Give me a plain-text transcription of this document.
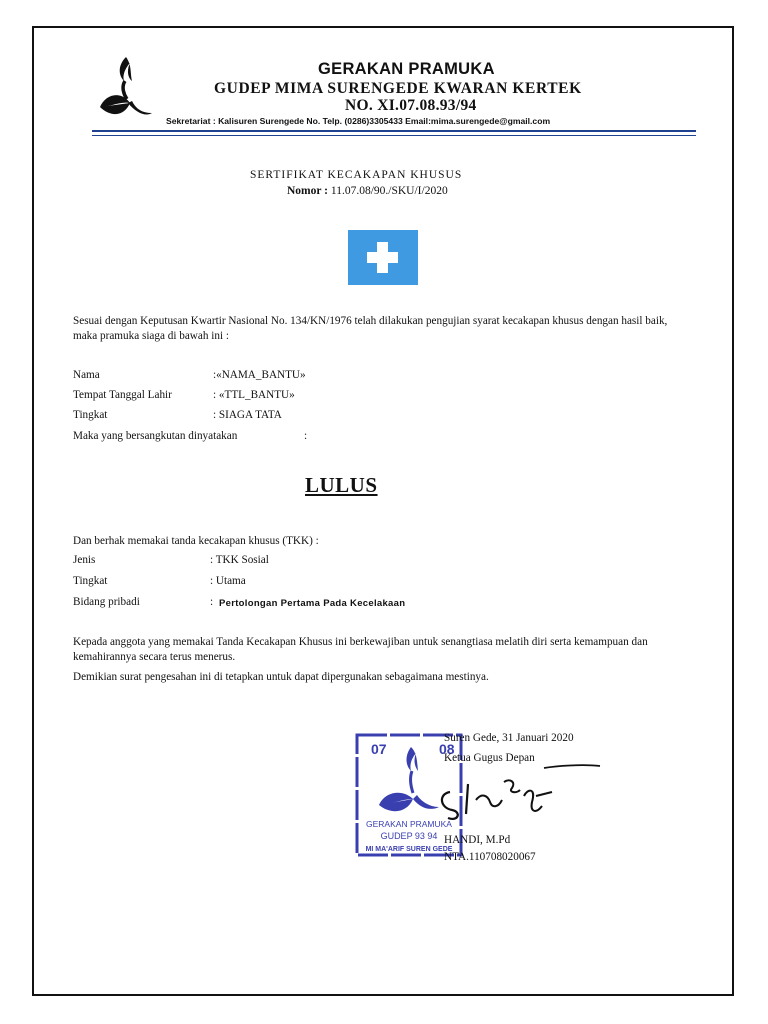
GERAKAN PRAMUKA
GUDEP MIMA SURENGEDE KWARAN KERTEK
NO. XI.07.08.93/94
Sekretariat : Kalisuren Surengede No. Telp. (0286)3305433 Email:mima.surengede@gmail.com
SERTIFIKAT KECAKAPAN KHUSUS
Nomor : 11.07.08/90./SKU/I/2020
Sesuai dengan Keputusan Kwartir Nasional No. 134/KN/1976 telah dilakukan pengujian syarat kecakapan khusus dengan hasil baik, maka pramuka siaga di bawah ini :
Nama	:«NAMA_BANTU»
Tempat Tanggal Lahir	: «TTL_BANTU»
Tingkat	: SIAGA TATA
Maka yang bersangkutan dinyatakan	:
LULUS
Dan berhak memakai tanda kecakapan khusus (TKK) :
Jenis	: TKK Sosial
Tingkat	: Utama
Bidang pribadi	: Pertolongan Pertama Pada Kecelakaan
Kepada anggota yang memakai Tanda Kecakapan Khusus ini berkewajiban untuk senangtiasa melatih diri serta kemampuan dan kemahirannya secara terus menerus.
Demikian surat pengesahan ini di tetapkan untuk dapat dipergunakan sebagaimana mestinya.
07	08
GERAKAN PRAMUKA
GUDEP 93 94
MI MA'ARIF SUREN GEDE
Suren Gede, 31 Januari 2020
Ketua Gugus Depan
HANDI, M.Pd
NTA.110708020067
